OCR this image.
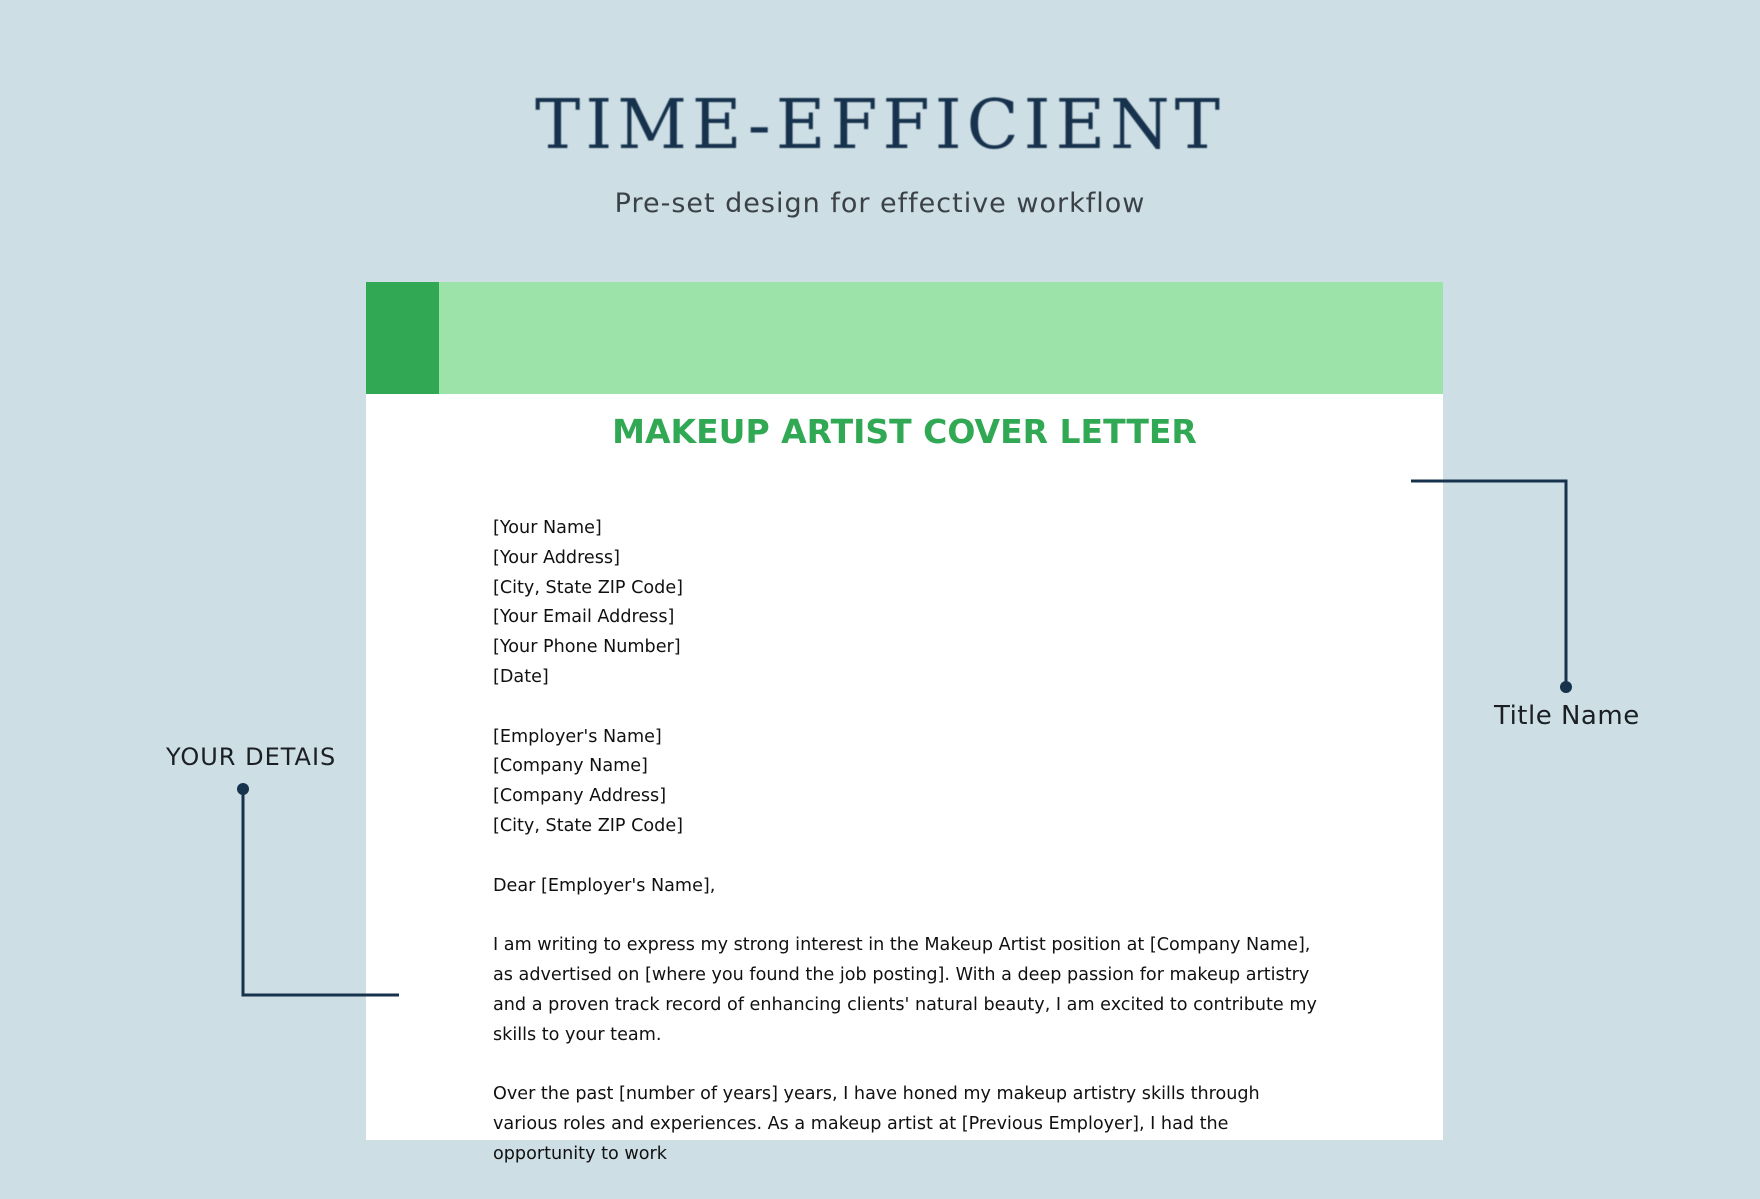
TIME-EFFICIENT
Pre-set design for effective workflow
MAKEUP ARTIST COVER LETTER
[Your Name]
[Your Address]
[City, State ZIP Code]
[Your Email Address]
[Your Phone Number]
[Date]
[Employer's Name]
[Company Name]
[Company Address]
[City, State ZIP Code]
Dear [Employer's Name],

I am writing to express my strong interest in the Makeup Artist position at [Company Name], as advertised on [where you found the job posting]. With a deep passion for makeup artistry and a proven track record of enhancing clients' natural beauty, I am excited to contribute my skills to your team.

Over the past [number of years] years, I have honed my makeup artistry skills through various roles and experiences. As a makeup artist at [Previous Employer], I had the opportunity to work

YOUR DETAIS
Title Name
